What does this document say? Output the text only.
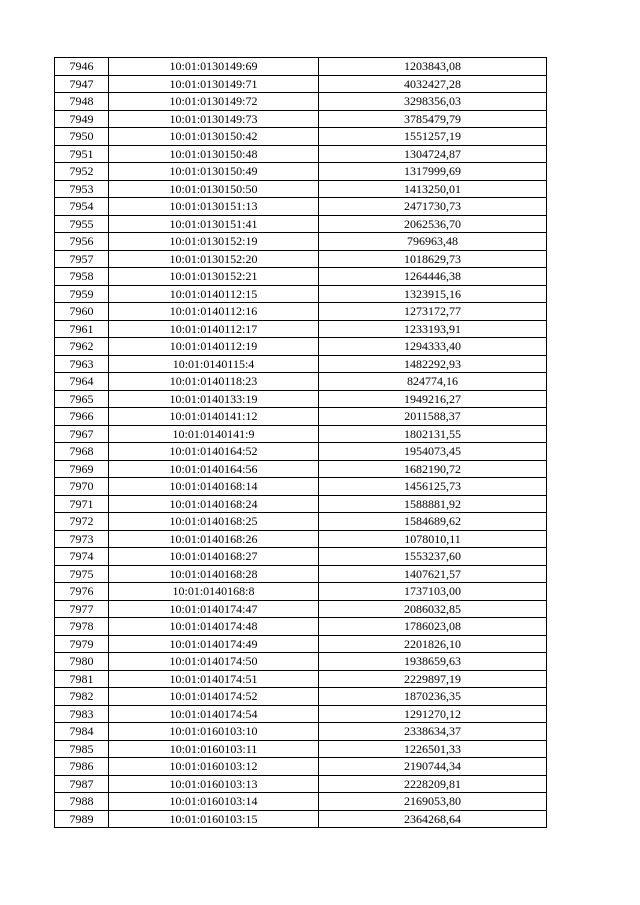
7946	10:01:0130149:69	1203843,08
7947	10:01:0130149:71	4032427,28
7948	10:01:0130149:72	3298356,03
7949	10:01:0130149:73	3785479,79
7950	10:01:0130150:42	1551257,19
7951	10:01:0130150:48	1304724,87
7952	10:01:0130150:49	1317999,69
7953	10:01:0130150:50	1413250,01
7954	10:01:0130151:13	2471730,73
7955	10:01:0130151:41	2062536,70
7956	10:01:0130152:19	796963,48
7957	10:01:0130152:20	1018629,73
7958	10:01:0130152:21	1264446,38
7959	10:01:0140112:15	1323915,16
7960	10:01:0140112:16	1273172,77
7961	10:01:0140112:17	1233193,91
7962	10:01:0140112:19	1294333,40
7963	10:01:0140115:4	1482292,93
7964	10:01:0140118:23	824774,16
7965	10:01:0140133:19	1949216,27
7966	10:01:0140141:12	2011588,37
7967	10:01:0140141:9	1802131,55
7968	10:01:0140164:52	1954073,45
7969	10:01:0140164:56	1682190,72
7970	10:01:0140168:14	1456125,73
7971	10:01:0140168:24	1588881,92
7972	10:01:0140168:25	1584689,62
7973	10:01:0140168:26	1078010,11
7974	10:01:0140168:27	1553237,60
7975	10:01:0140168:28	1407621,57
7976	10:01:0140168:8	1737103,00
7977	10:01:0140174:47	2086032,85
7978	10:01:0140174:48	1786023,08
7979	10:01:0140174:49	2201826,10
7980	10:01:0140174:50	1938659,63
7981	10:01:0140174:51	2229897,19
7982	10:01:0140174:52	1870236,35
7983	10:01:0140174:54	1291270,12
7984	10:01:0160103:10	2338634,37
7985	10:01:0160103:11	1226501,33
7986	10:01:0160103:12	2190744,34
7987	10:01:0160103:13	2228209,81
7988	10:01:0160103:14	2169053,80
7989	10:01:0160103:15	2364268,64
